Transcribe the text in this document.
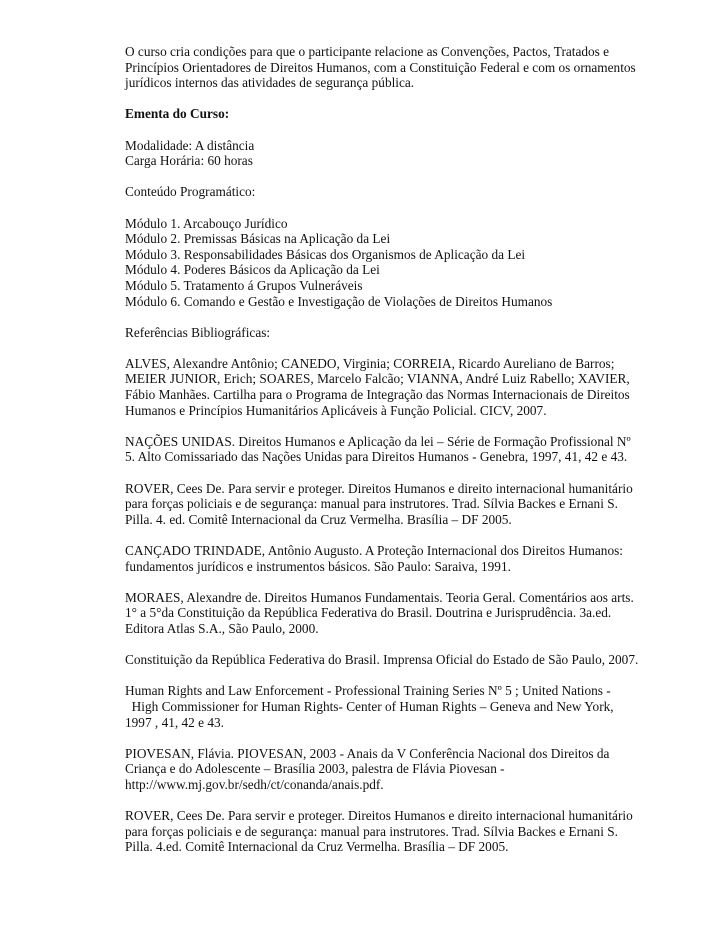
O curso cria condições para que o participante relacione as Convenções, Pactos, Tratados e
Princípios Orientadores de Direitos Humanos, com a Constituição Federal e com os ornamentos
jurídicos internos das atividades de segurança pública.

Ementa do Curso:

Modalidade: A distância
Carga Horária: 60 horas

Conteúdo Programático:

Módulo 1. Arcabouço Jurídico
Módulo 2. Premissas Básicas na Aplicação da Lei
Módulo 3. Responsabilidades Básicas dos Organismos de Aplicação da Lei
Módulo 4. Poderes Básicos da Aplicação da Lei
Módulo 5. Tratamento á Grupos Vulneráveis
Módulo 6. Comando e Gestão e Investigação de Violações de Direitos Humanos

Referências Bibliográficas:

ALVES, Alexandre Antônio; CANEDO, Virginia; CORREIA, Ricardo Aureliano de Barros;
MEIER JUNIOR, Erich; SOARES, Marcelo Falcão; VIANNA, André Luiz Rabello; XAVIER,
Fábio Manhães. Cartilha para o Programa de Integração das Normas Internacionais de Direitos
Humanos e Princípios Humanitários Aplicáveis à Função Policial. CICV, 2007.

NAÇÕES UNIDAS. Direitos Humanos e Aplicação da lei – Série de Formação Profissional Nº
5. Alto Comissariado das Nações Unidas para Direitos Humanos - Genebra, 1997, 41, 42 e 43.

ROVER, Cees De. Para servir e proteger. Direitos Humanos e direito internacional humanitário
para forças policiais e de segurança: manual para instrutores. Trad. Sílvia Backes e Ernani S.
Pilla. 4. ed. Comitê Internacional da Cruz Vermelha. Brasília – DF 2005.

CANÇADO TRINDADE, Antônio Augusto. A Proteção Internacional dos Direitos Humanos:
fundamentos jurídicos e instrumentos básicos. São Paulo: Saraiva, 1991.

MORAES, Alexandre de. Direitos Humanos Fundamentais. Teoria Geral. Comentários aos arts.
1° a 5°da Constituição da República Federativa do Brasil. Doutrina e Jurisprudência. 3a.ed.
Editora Atlas S.A., São Paulo, 2000.

Constituição da República Federativa do Brasil. Imprensa Oficial do Estado de São Paulo, 2007.

Human Rights and Law Enforcement - Professional Training Series Nº 5 ; United Nations -
High Commissioner for Human Rights- Center of Human Rights – Geneva and New York,
1997 , 41, 42 e 43.

PIOVESAN, Flávia. PIOVESAN, 2003 - Anais da V Conferência Nacional dos Direitos da
Criança e do Adolescente – Brasília 2003, palestra de Flávia Piovesan -
http://www.mj.gov.br/sedh/ct/conanda/anais.pdf.

ROVER, Cees De. Para servir e proteger. Direitos Humanos e direito internacional humanitário
para forças policiais e de segurança: manual para instrutores. Trad. Sílvia Backes e Ernani S.
Pilla. 4.ed. Comitê Internacional da Cruz Vermelha. Brasília – DF 2005.
